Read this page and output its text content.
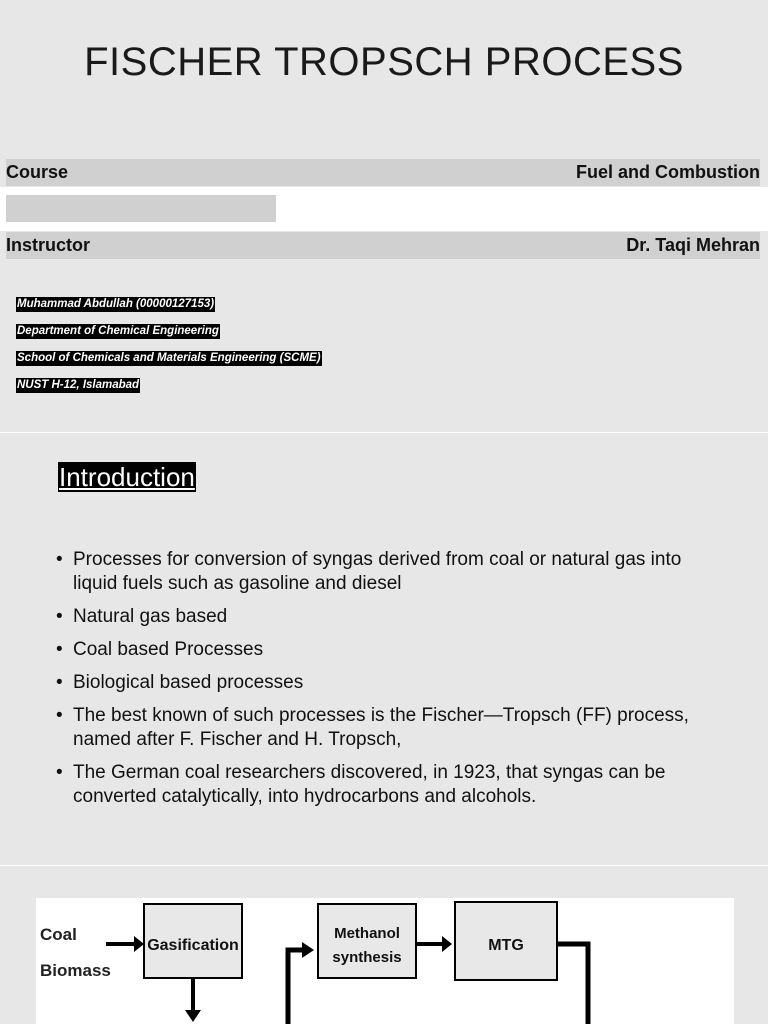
FISCHER TROPSCH PROCESS
Course	Fuel and Combustion
Instructor	Dr. Taqi Mehran
Muhammad Abdullah (00000127153)
Department of Chemical Engineering
School of Chemicals and Materials Engineering (SCME)
NUST H-12, Islamabad
Introduction
• Processes for conversion of syngas derived from coal or natural gas into liquid fuels such as gasoline and diesel
• Natural gas based
• Coal based Processes
• Biological based processes
• The best known of such processes is the Fischer—Tropsch (FF) process, named after F. Fischer and H. Tropsch,
• The German coal researchers discovered, in 1923, that syngas can be converted catalytically, into hydrocarbons and alcohols.
Coal
Biomass
Gasification
Methanol
synthesis
MTG
